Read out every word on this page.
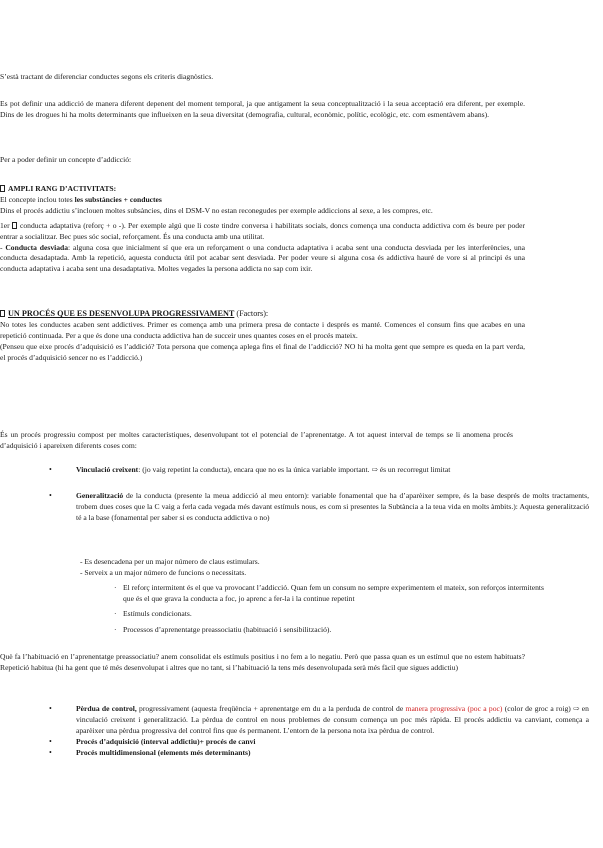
S’està tractant de diferenciar conductes segons els criteris diagnòstics.

Es pot definir una addicció de manera diferent depenent del moment temporal, ja que antigament la seua conceptualització i la seua acceptació era diferent, per exemple. Dins de les drogues hi ha molts determinants que influeixen en la seua diversitat (demografia, cultural, econòmic, polític, ecològic, etc. com esmentàvem abans).

Per a poder definir un concepte d’addicció:

AMPLI RANG D’ACTIVITATS:

El concepte inclou totes les substàncies + conductes

Dins el procés addictiu s’inclouen moltes subsàncies, dins el DSM-V no estan reconegudes per exemple addiccions al sexe, a les compres, etc.

1er conducta adaptativa (reforç + o -). Per exemple algú que li coste tindre conversa i habilitats socials, doncs comença una conducta addictiva com és beure per poder entrar a socialitzar. Bec pues sóc social, reforçament. És una conducta amb una utilitat.

- Conducta desviada: alguna cosa que inicialment sí que era un reforçament o una conducta adaptativa i acaba sent una conducta desviada per les interferències, una conducta desadaptada. Amb la repetició, aquesta conducta útil pot acabar sent desviada. Per poder veure si alguna cosa és addictiva hauré de vore si al principi és una conducta adaptativa i acaba sent una desadaptativa. Moltes vegades la persona addicta no sap com ixir.

UN PROCÉS QUE ES DESENVOLUPA PROGRESSIVAMENT (Factors):

No totes les conductes acaben sent addictives. Primer es comença amb una primera presa de contacte i després es manté. Comences el consum fins que acabes en una repetició continuada. Per a que és done una conducta addictiva han de succeir unes quantes coses en el procés mateix.

(Penseu que eixe procés d’adquisició es l’addició? Tota persona que comença aplega fins el final de l’addicció? NO hi ha molta gent que sempre es queda en la part verda, el procés d’adquisició sencer no es l’addicció.)

És un procés progressiu compost per moltes característiques, desenvolupant tot el potencial de l’aprenentatge. A tot aquest interval de temps se li anomena procés d’adquisició i apareixen diferents coses com:

•	Vinculació creixent: (jo vaig repetint la conducta), encara que no es la única variable important. ⇨ és un recorregut limitat

•	Generalització de la conducta (presente la meua addicció al meu entorn): variable fonamental que ha d’aparèixer sempre, és la base després de molts tractaments, trobem dues coses que la C vaig a ferla cada vegada més davant estímuls nous, es com si presentes la Subtància a la teua vida en molts àmbits.): Aquesta generalització té a la base (fonamental per saber si es conducta addictiva o no)

- Es desencadena per un major número de claus estimulars.

- Serveix a un major número de funcions o necessitats.

· El reforç intermitent és el que va provocant l’addicció. Quan fem un consum no sempre experimentem el mateix, son reforços intermitents que és el que grava la conducta a foc, jo aprenc a fer-la i la continue repetint

· Estímuls condicionats.

· Processos d’aprenentatge preassociatiu (habituació i sensibilització).

Què fa l’habituació en l’aprenentatge preassociatiu? anem consolidat els estímuls positius i no fem a lo negatiu. Però que passa quan es un estímul que no estem habituats? Repetició habitua (hi ha gent que té més desenvolupat i altres que no tant, si l’habituació la tens més desenvolupada serà més fàcil que sigues addictiu)

•	Pèrdua de control, progressivament (aquesta freqüència + aprenentatge em du a la perduda de control de manera progressiva (poc a poc) (color de groc a roig) ⇨ en vinculació creixent i generalització. La pèrdua de control en nous problemes de consum comença un poc més ràpida. El procés addictiu va canviant, comença a aparèixer una pèrdua progressiva del control fins que és permanent. L’entorn de la persona nota ixa pèrdua de control.

•	Procés d’adquisició (interval addictiu)+ procés de canvi

•	Procés multidimensional (elements més determinants)
